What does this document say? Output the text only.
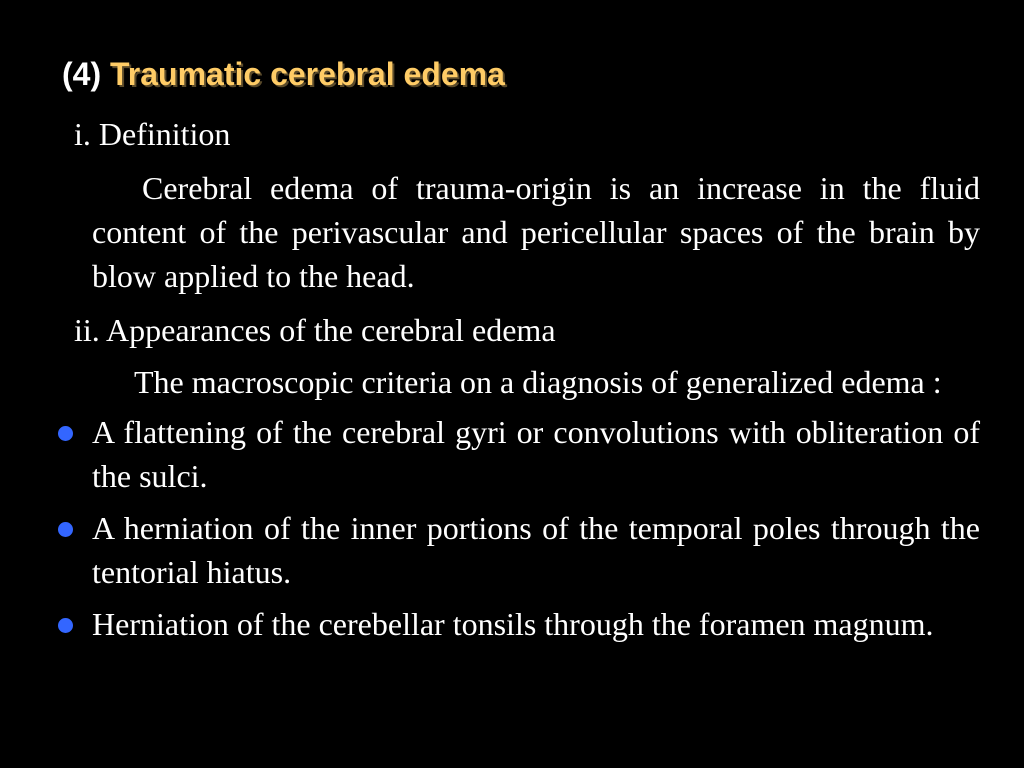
(4) Traumatic cerebral edema

i. Definition

Cerebral edema of trauma-origin is an increase in the fluid content of the perivascular and pericellular spaces of the brain by blow applied to the head.

ii. Appearances of the cerebral edema

The macroscopic criteria on a diagnosis of generalized edema :

A flattening of the cerebral gyri or convolutions with obliteration of the sulci.
A herniation of the inner portions of the temporal poles through the tentorial hiatus.
Herniation of the cerebellar tonsils through the foramen magnum.
